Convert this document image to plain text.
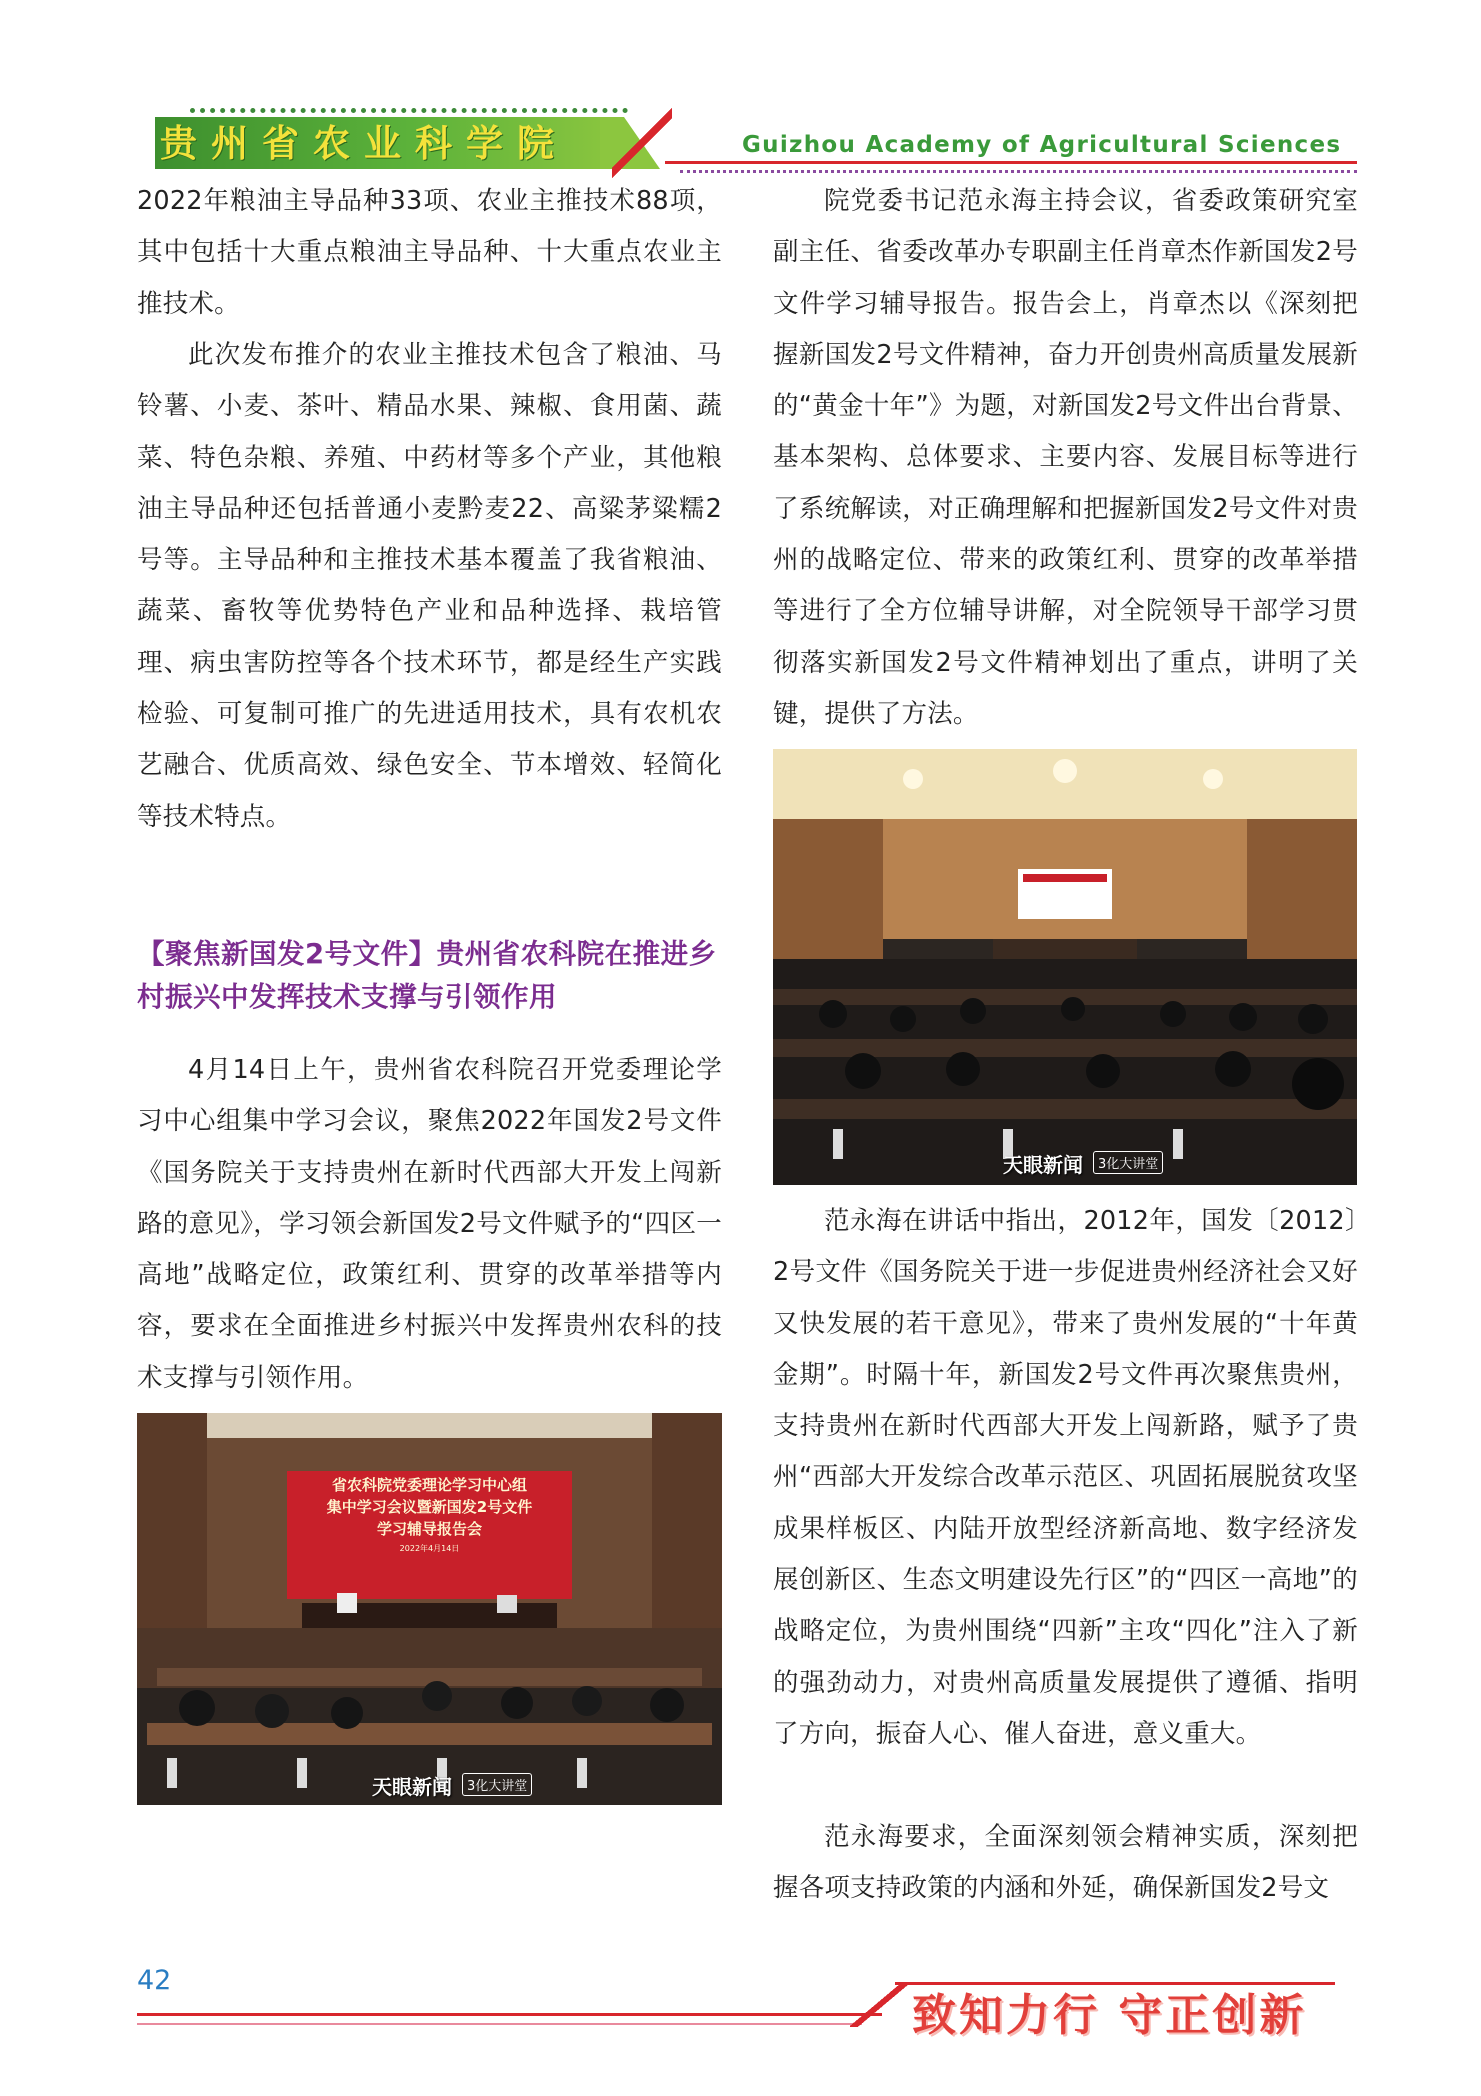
贵州省农业科学院	Guizhou Academy of Agricultural Sciences

2022年粮油主导品种33项、农业主推技术88项，其中包括十大重点粮油主导品种、十大重点农业主推技术。

此次发布推介的农业主推技术包含了粮油、马铃薯、小麦、茶叶、精品水果、辣椒、食用菌、蔬菜、特色杂粮、养殖、中药材等多个产业，其他粮油主导品种还包括普通小麦黔麦22、高粱茅粱糯2号等。主导品种和主推技术基本覆盖了我省粮油、蔬菜、畜牧等优势特色产业和品种选择、栽培管理、病虫害防控等各个技术环节，都是经生产实践检验、可复制可推广的先进适用技术，具有农机农艺融合、优质高效、绿色安全、节本增效、轻简化等技术特点。

【聚焦新国发2号文件】贵州省农科院在推进乡村振兴中发挥技术支撑与引领作用

4月14日上午，贵州省农科院召开党委理论学习中心组集中学习会议，聚焦2022年国发2号文件《国务院关于支持贵州在新时代西部大开发上闯新路的意见》，学习领会新国发2号文件赋予的“四区一高地”战略定位，政策红利、贯穿的改革举措等内容，要求在全面推进乡村振兴中发挥贵州农科的技术支撑与引领作用。

省农科院党委理论学习中心组
集中学习会议暨新国发2号文件
学习辅导报告会
2022年4月14日
天眼新闻	3化大讲堂

院党委书记范永海主持会议，省委政策研究室副主任、省委改革办专职副主任肖章杰作新国发2号文件学习辅导报告。报告会上，肖章杰以《深刻把握新国发2号文件精神，奋力开创贵州高质量发展新的“黄金十年”》为题，对新国发2号文件出台背景、基本架构、总体要求、主要内容、发展目标等进行了系统解读，对正确理解和把握新国发2号文件对贵州的战略定位、带来的政策红利、贯穿的改革举措等进行了全方位辅导讲解，对全院领导干部学习贯彻落实新国发2号文件精神划出了重点，讲明了关键，提供了方法。

天眼新闻	3化大讲堂

范永海在讲话中指出，2012年，国发〔2012〕2号文件《国务院关于进一步促进贵州经济社会又好又快发展的若干意见》，带来了贵州发展的“十年黄金期”。时隔十年，新国发2号文件再次聚焦贵州，支持贵州在新时代西部大开发上闯新路，赋予了贵州“西部大开发综合改革示范区、巩固拓展脱贫攻坚成果样板区、内陆开放型经济新高地、数字经济发展创新区、生态文明建设先行区”的“四区一高地”的战略定位，为贵州围绕“四新”主攻“四化”注入了新的强劲动力，对贵州高质量发展提供了遵循、指明了方向，振奋人心、催人奋进，意义重大。

范永海要求，全面深刻领会精神实质，深刻把握各项支持政策的内涵和外延，确保新国发2号文

42
致知力行 守正创新
